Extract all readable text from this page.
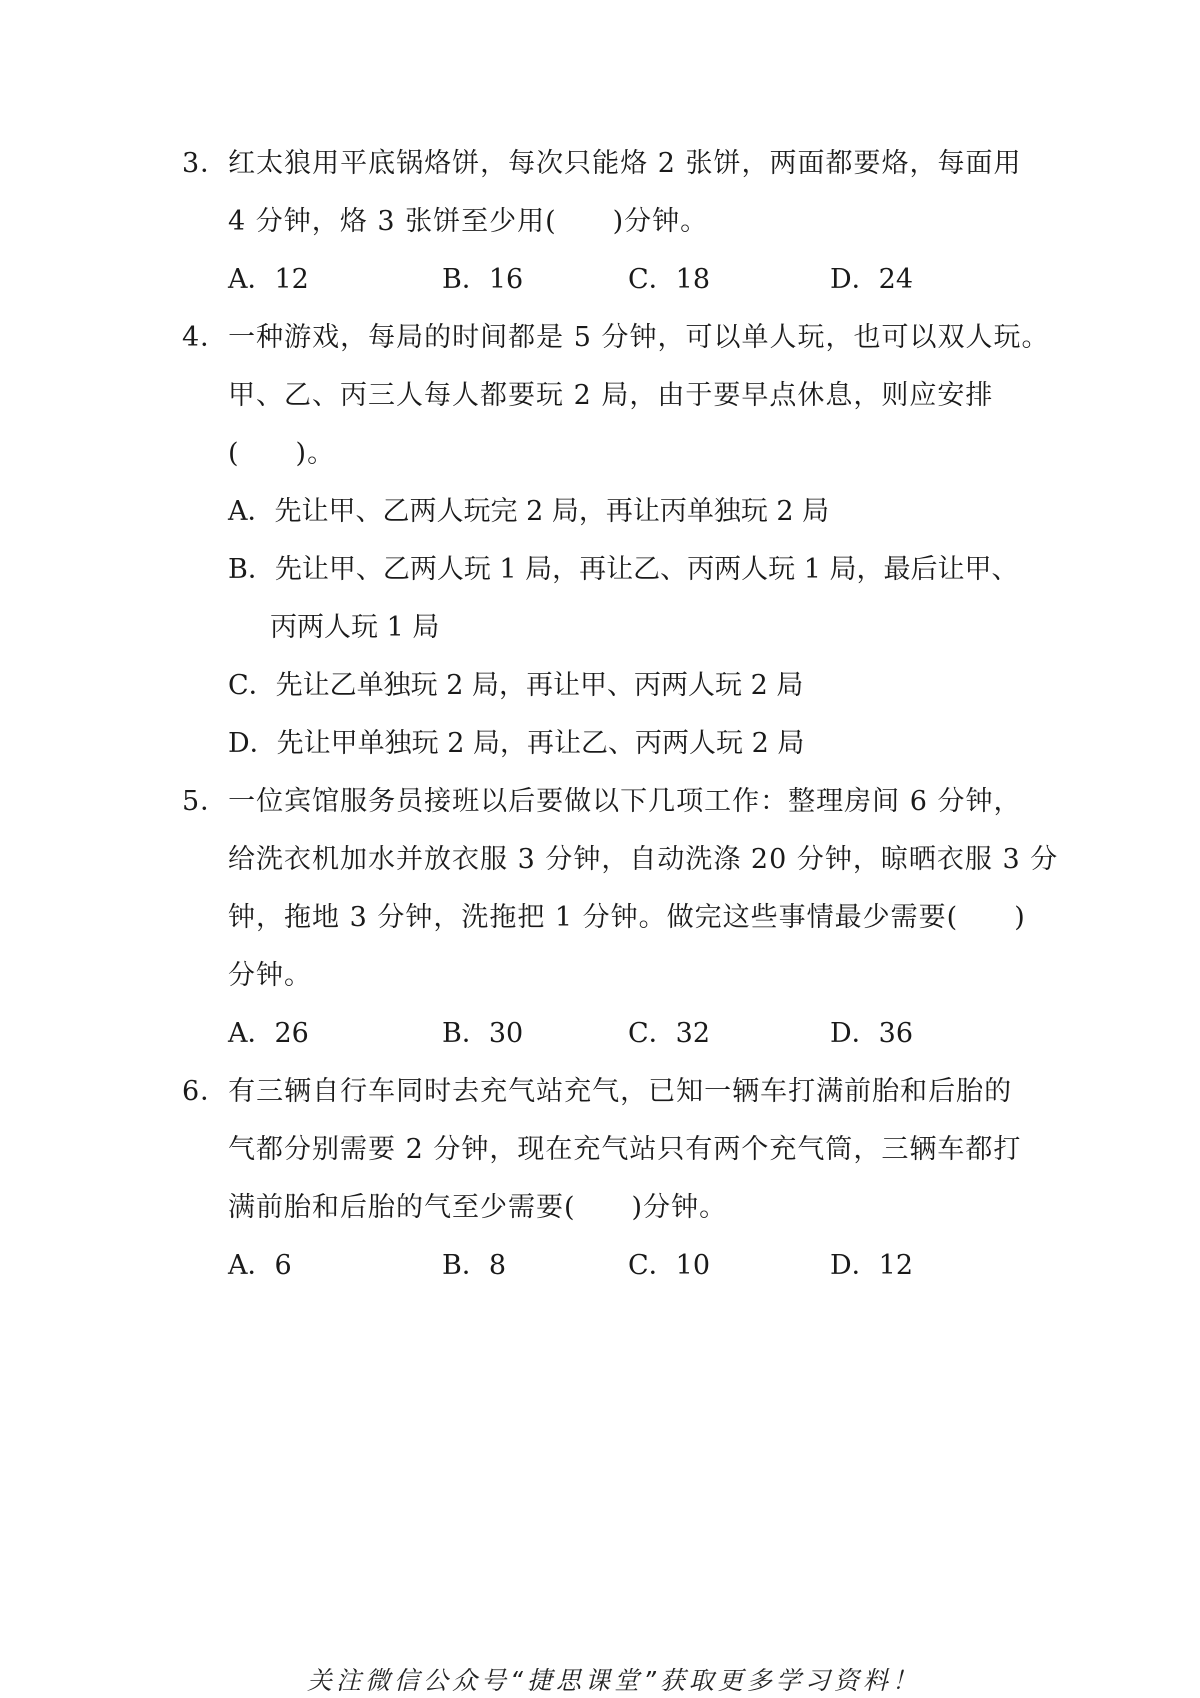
3．红太狼用平底锅烙饼，每次只能烙 2 张饼，两面都要烙，每面用
4 分钟，烙 3 张饼至少用(　　)分钟。
A．12	B．16	C．18	D．24
4．一种游戏，每局的时间都是 5 分钟，可以单人玩，也可以双人玩。
甲、乙、丙三人每人都要玩 2 局，由于要早点休息，则应安排
(　　)。
A．先让甲、乙两人玩完 2 局，再让丙单独玩 2 局
B．先让甲、乙两人玩 1 局，再让乙、丙两人玩 1 局，最后让甲、
丙两人玩 1 局
C．先让乙单独玩 2 局，再让甲、丙两人玩 2 局
D．先让甲单独玩 2 局，再让乙、丙两人玩 2 局
5．一位宾馆服务员接班以后要做以下几项工作：整理房间 6 分钟，
给洗衣机加水并放衣服 3 分钟，自动洗涤 20 分钟，晾晒衣服 3 分
钟，拖地 3 分钟，洗拖把 1 分钟。做完这些事情最少需要(　　)
分钟。
A．26	B．30	C．32	D．36
6．有三辆自行车同时去充气站充气，已知一辆车打满前胎和后胎的
气都分别需要 2 分钟，现在充气站只有两个充气筒，三辆车都打
满前胎和后胎的气至少需要(　　)分钟。
A．6	B．8	C．10	D．12
关注微信公众号“捷思课堂”获取更多学习资料！
